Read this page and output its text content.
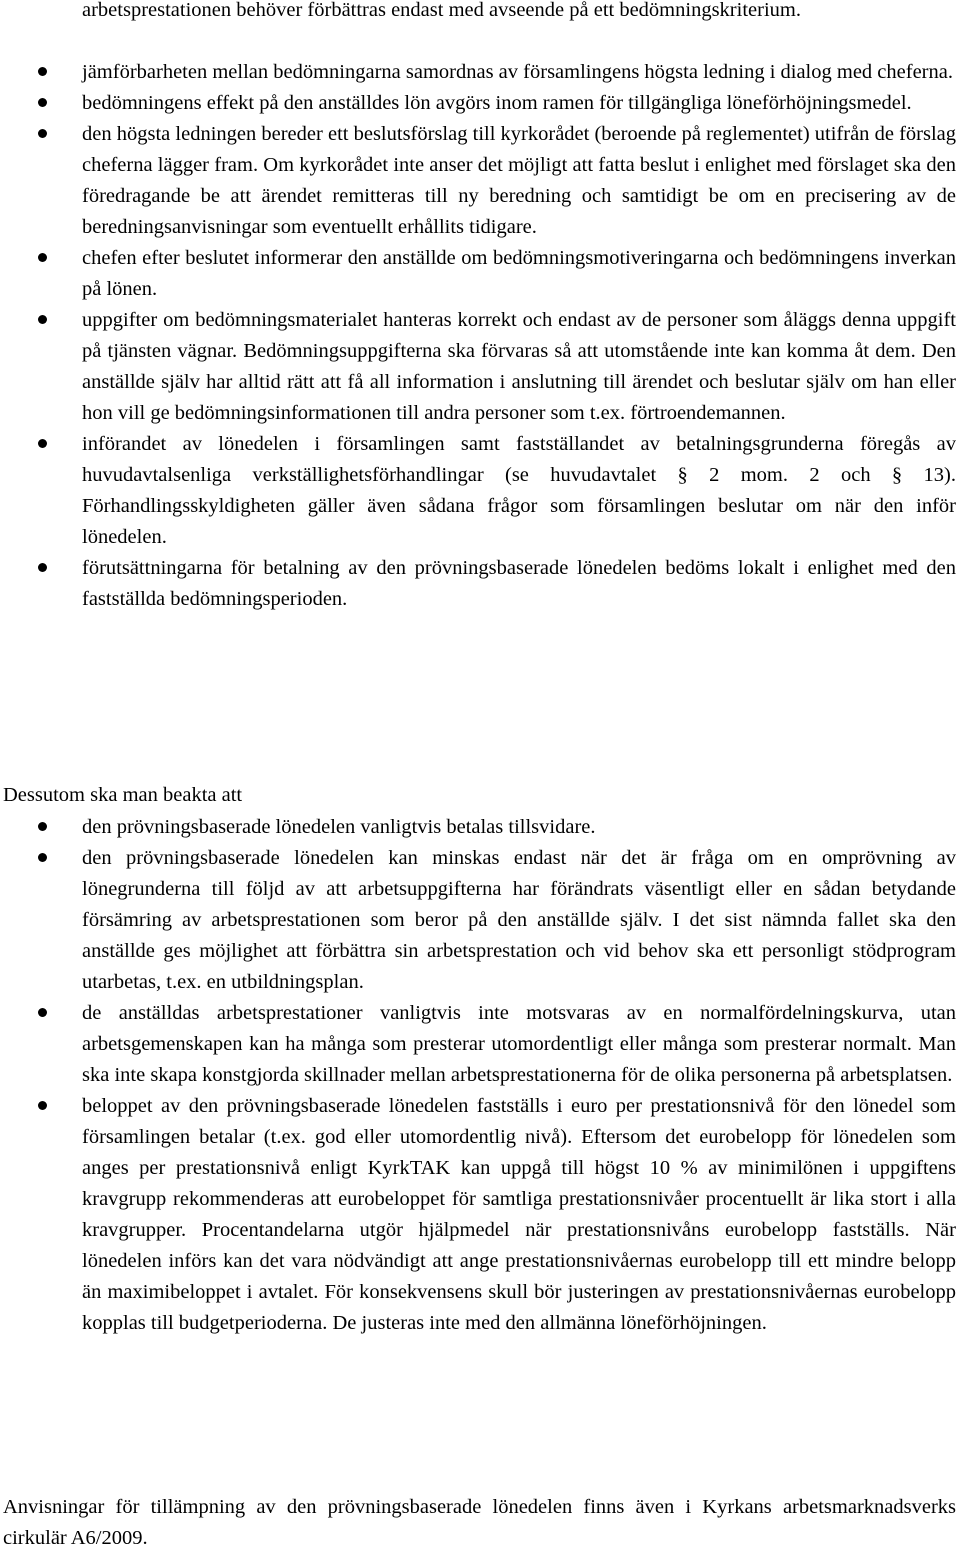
arbetsprestationen behöver förbättras endast med avseende på ett bedömningskriterium.
jämförbarheten mellan bedömningarna samordnas av församlingens högsta ledning i dialog med cheferna.
bedömningens effekt på den anställdes lön avgörs inom ramen för tillgängliga löneförhöjningsmedel.
den högsta ledningen bereder ett beslutsförslag till kyrkorådet (beroende på reglementet) utifrån de förslag cheferna lägger fram. Om kyrkorådet inte anser det möjligt att fatta beslut i enlighet med förslaget ska den föredragande be att ärendet remitteras till ny beredning och samtidigt be om en precisering av de beredningsanvisningar som eventuellt erhållits tidigare.
chefen efter beslutet informerar den anställde om bedömningsmotiveringarna och bedömningens inverkan på lönen.
uppgifter om bedömningsmaterialet hanteras korrekt och endast av de personer som åläggs denna uppgift på tjänsten vägnar. Bedömningsuppgifterna ska förvaras så att utomstående inte kan komma åt dem. Den anställde själv har alltid rätt att få all information i anslutning till ärendet och beslutar själv om han eller hon vill ge bedömningsinformationen till andra personer som t.ex. förtroendemannen.
införandet av lönedelen i församlingen samt fastställandet av betalningsgrunderna föregås av huvudavtalsenliga verkställighetsförhandlingar (se huvudavtalet § 2 mom. 2 och § 13). Förhandlingsskyldigheten gäller även sådana frågor som församlingen beslutar om när den inför lönedelen.
förutsättningarna för betalning av den prövningsbaserade lönedelen bedöms lokalt i enlighet med den fastställda bedömningsperioden.
Dessutom ska man beakta att
den prövningsbaserade lönedelen vanligtvis betalas tillsvidare.
den prövningsbaserade lönedelen kan minskas endast när det är fråga om en omprövning av lönegrunderna till följd av att arbetsuppgifterna har förändrats väsentligt eller en sådan betydande försämring av arbetsprestationen som beror på den anställde själv. I det sist nämnda fallet ska den anställde ges möjlighet att förbättra sin arbetsprestation och vid behov ska ett personligt stödprogram utarbetas, t.ex. en utbildningsplan.
de anställdas arbetsprestationer vanligtvis inte motsvaras av en normalfördelningskurva, utan arbetsgemenskapen kan ha många som presterar utomordentligt eller många som presterar normalt. Man ska inte skapa konstgjorda skillnader mellan arbetsprestationerna för de olika personerna på arbetsplatsen.
beloppet av den prövningsbaserade lönedelen fastställs i euro per prestationsnivå för den lönedel som församlingen betalar (t.ex. god eller utomordentlig nivå). Eftersom det eurobelopp för lönedelen som anges per prestationsnivå enligt KyrkTAK kan uppgå till högst 10 % av minimilönen i uppgiftens kravgrupp rekommenderas att eurobeloppet för samtliga prestationsnivåer procentuellt är lika stort i alla kravgrupper. Procentandelarna utgör hjälpmedel när prestationsnivåns eurobelopp fastställs. När lönedelen införs kan det vara nödvändigt att ange prestationsnivåernas eurobelopp till ett mindre belopp än maximibeloppet i avtalet. För konsekvensens skull bör justeringen av prestationsnivåernas eurobelopp kopplas till budgetperioderna. De justeras inte med den allmänna löneförhöjningen.
Anvisningar för tillämpning av den prövningsbaserade lönedelen finns även i Kyrkans arbetsmarknadsverks cirkulär A6/2009.
